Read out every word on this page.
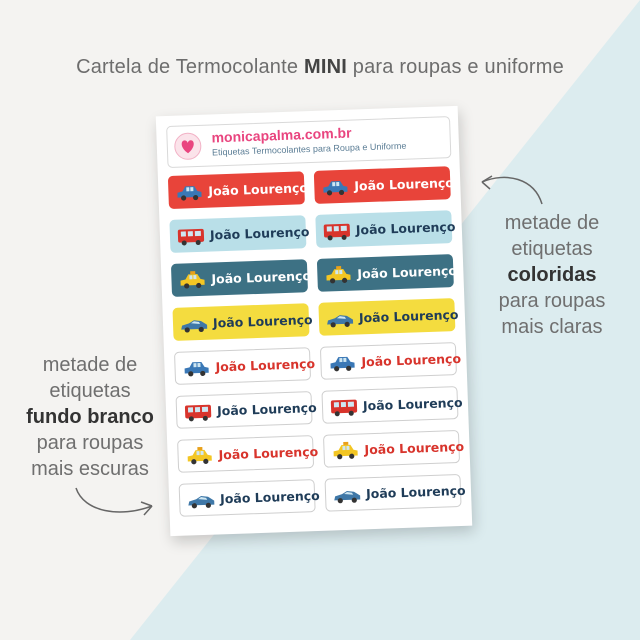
Cartela de Termocolante MINI para roupas e uniforme
metade de
etiquetas
coloridas
para roupas
mais claras
metade de
etiquetas
fundo branco
para roupas
mais escuras
monicapalma.com.br
Etiquetas Termocolantes para Roupa e Uniforme
João Lourenço	João Lourenço
João Lourenço	João Lourenço
João Lourenço	João Lourenço
João Lourenço	João Lourenço
João Lourenço	João Lourenço
João Lourenço	João Lourenço
João Lourenço	João Lourenço
João Lourenço	João Lourenço
